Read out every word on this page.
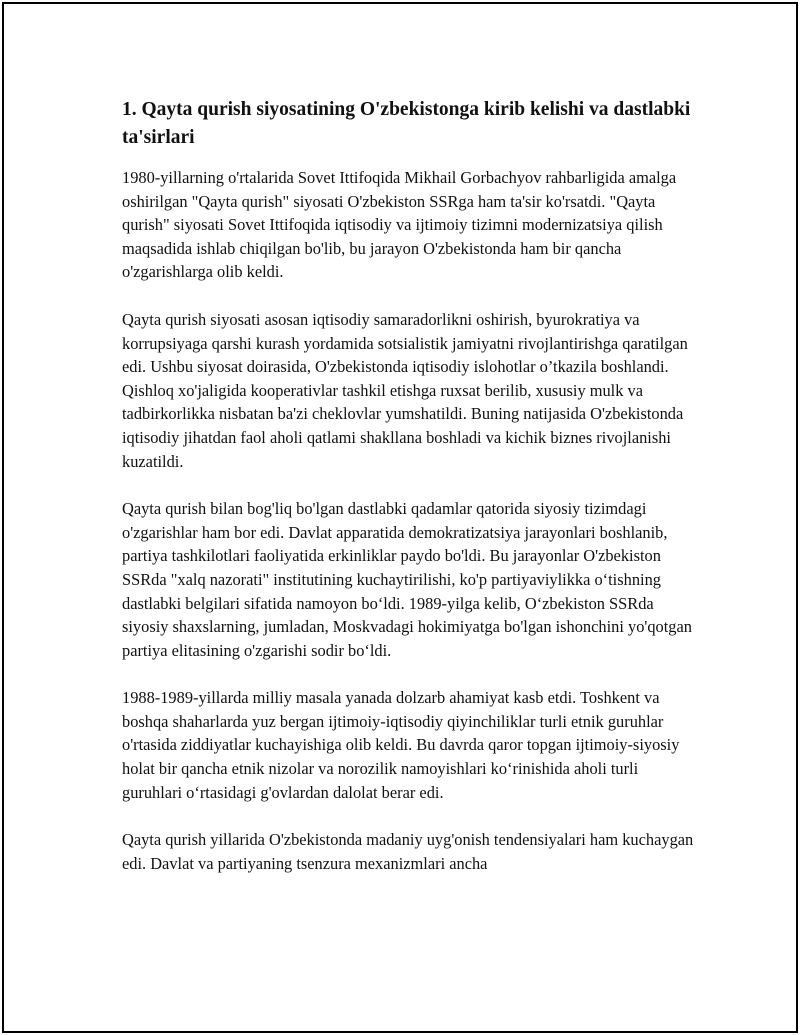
1. Qayta qurish siyosatining O'zbekistonga kirib kelishi va dastlabki ta'sirlari

1980-yillarning o'rtalarida Sovet Ittifoqida Mikhail Gorbachyov rahbarligida amalga oshirilgan "Qayta qurish" siyosati O'zbekiston SSRga ham ta'sir ko'rsatdi. "Qayta qurish" siyosati Sovet Ittifoqida iqtisodiy va ijtimoiy tizimni modernizatsiya qilish maqsadida ishlab chiqilgan bo'lib, bu jarayon O'zbekistonda ham bir qancha o'zgarishlarga olib keldi.

Qayta qurish siyosati asosan iqtisodiy samaradorlikni oshirish, byurokratiya va korrupsiyaga qarshi kurash yordamida sotsialistik jamiyatni rivojlantirishga qaratilgan edi. Ushbu siyosat doirasida, O'zbekistonda iqtisodiy islohotlar o’tkazila boshlandi. Qishloq xo'jaligida kooperativlar tashkil etishga ruxsat berilib, xususiy mulk va tadbirkorlikka nisbatan ba'zi cheklovlar yumshatildi. Buning natijasida O'zbekistonda iqtisodiy jihatdan faol aholi qatlami shakllana boshladi va kichik biznes rivojlanishi kuzatildi.

Qayta qurish bilan bog'liq bo'lgan dastlabki qadamlar qatorida siyosiy tizimdagi o'zgarishlar ham bor edi. Davlat apparatida demokratizatsiya jarayonlari boshlanib, partiya tashkilotlari faoliyatida erkinliklar paydo bo'ldi. Bu jarayonlar O'zbekiston SSRda "xalq nazorati" institutining kuchaytirilishi, ko'p partiyaviylikka o‘tishning dastlabki belgilari sifatida namoyon bo‘ldi. 1989-yilga kelib, O‘zbekiston SSRda siyosiy shaxslarning, jumladan, Moskvadagi hokimiyatga bo'lgan ishonchini yo'qotgan partiya elitasining o'zgarishi sodir bo‘ldi.

1988-1989-yillarda milliy masala yanada dolzarb ahamiyat kasb etdi. Toshkent va boshqa shaharlarda yuz bergan ijtimoiy-iqtisodiy qiyinchiliklar turli etnik guruhlar o'rtasida ziddiyatlar kuchayishiga olib keldi. Bu davrda qaror topgan ijtimoiy-siyosiy holat bir qancha etnik nizolar va norozilik namoyishlari ko‘rinishida aholi turli guruhlari o‘rtasidagi g'ovlardan dalolat berar edi.

Qayta qurish yillarida O'zbekistonda madaniy uyg'onish tendensiyalari ham kuchaygan edi. Davlat va partiyaning tsenzura mexanizmlari ancha
